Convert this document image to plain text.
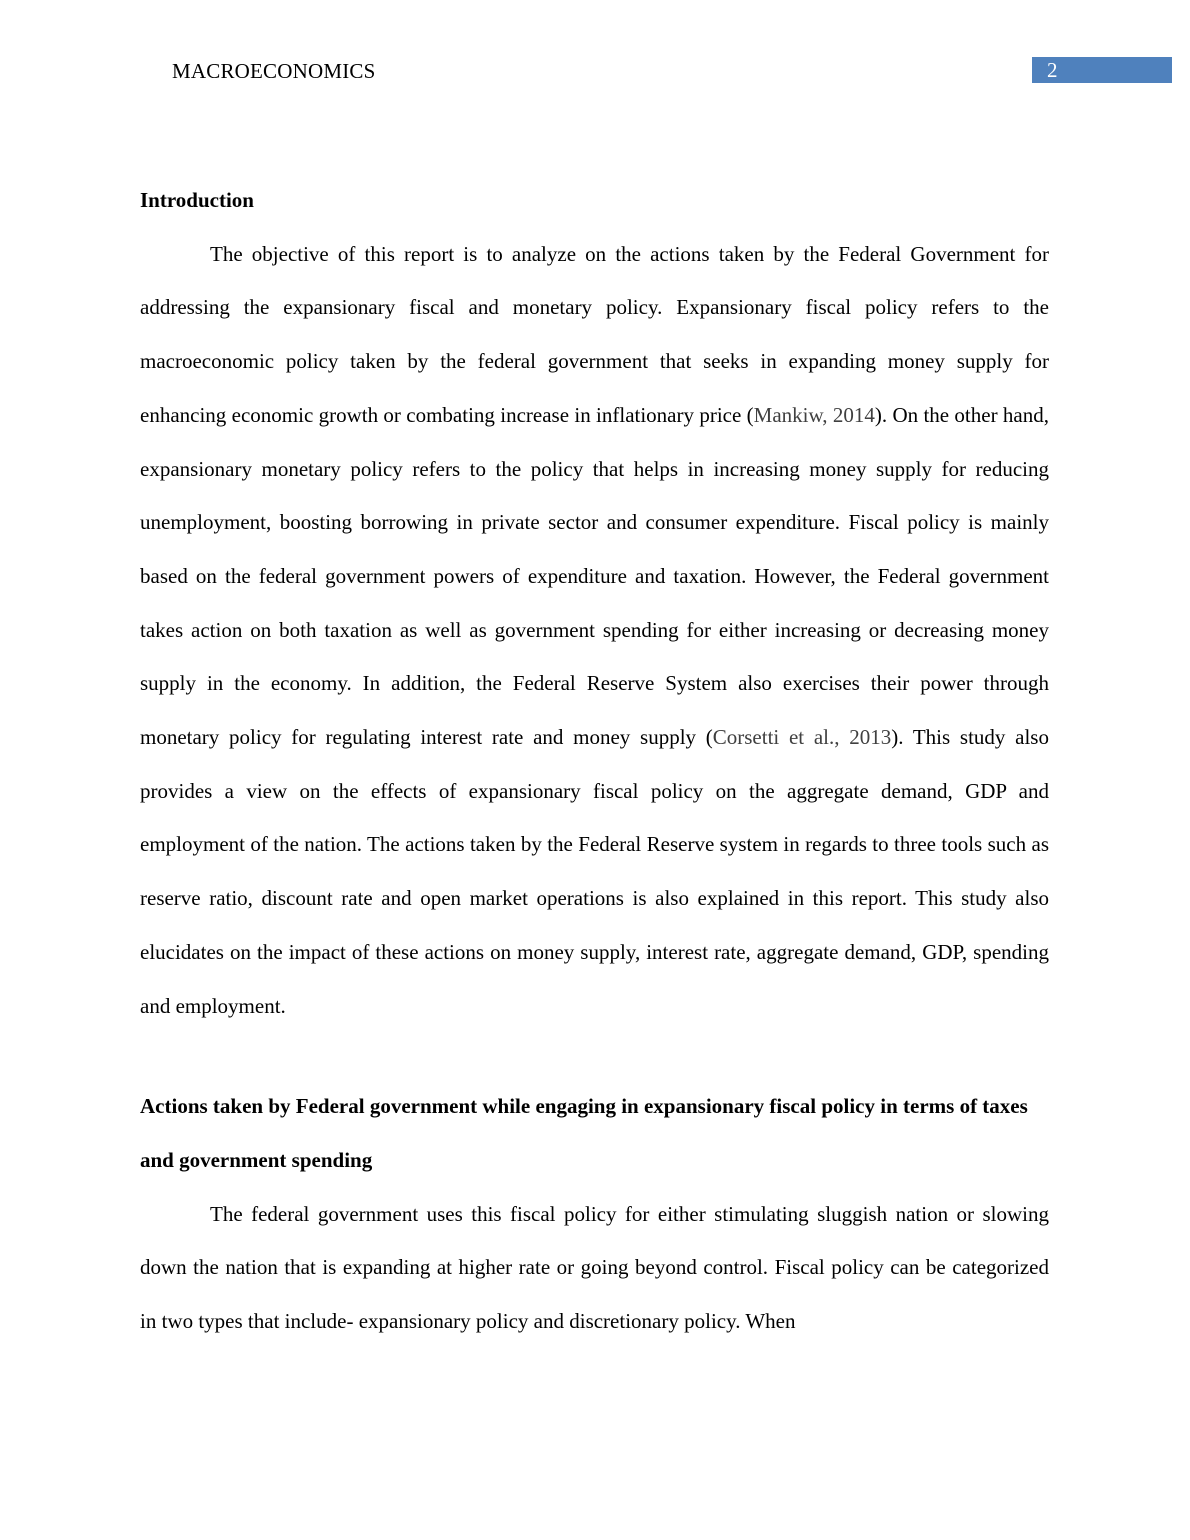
MACROECONOMICS	2
Introduction

The objective of this report is to analyze on the actions taken by the Federal Government for addressing the expansionary fiscal and monetary policy. Expansionary fiscal policy refers to the macroeconomic policy taken by the federal government that seeks in expanding money supply for enhancing economic growth or combating increase in inflationary price (Mankiw, 2014). On the other hand, expansionary monetary policy refers to the policy that helps in increasing money supply for reducing unemployment, boosting borrowing in private sector and consumer expenditure. Fiscal policy is mainly based on the federal government powers of expenditure and taxation. However, the Federal government takes action on both taxation as well as government spending for either increasing or decreasing money supply in the economy. In addition, the Federal Reserve System also exercises their power through monetary policy for regulating interest rate and money supply (Corsetti et al., 2013). This study also provides a view on the effects of expansionary fiscal policy on the aggregate demand, GDP and employment of the nation. The actions taken by the Federal Reserve system in regards to three tools such as reserve ratio, discount rate and open market operations is also explained in this report. This study also elucidates on the impact of these actions on money supply, interest rate, aggregate demand, GDP, spending and employment.

Actions taken by Federal government while engaging in expansionary fiscal policy in terms of taxes and government spending

The federal government uses this fiscal policy for either stimulating sluggish nation or slowing down the nation that is expanding at higher rate or going beyond control. Fiscal policy can be categorized in two types that include- expansionary policy and discretionary policy. When
